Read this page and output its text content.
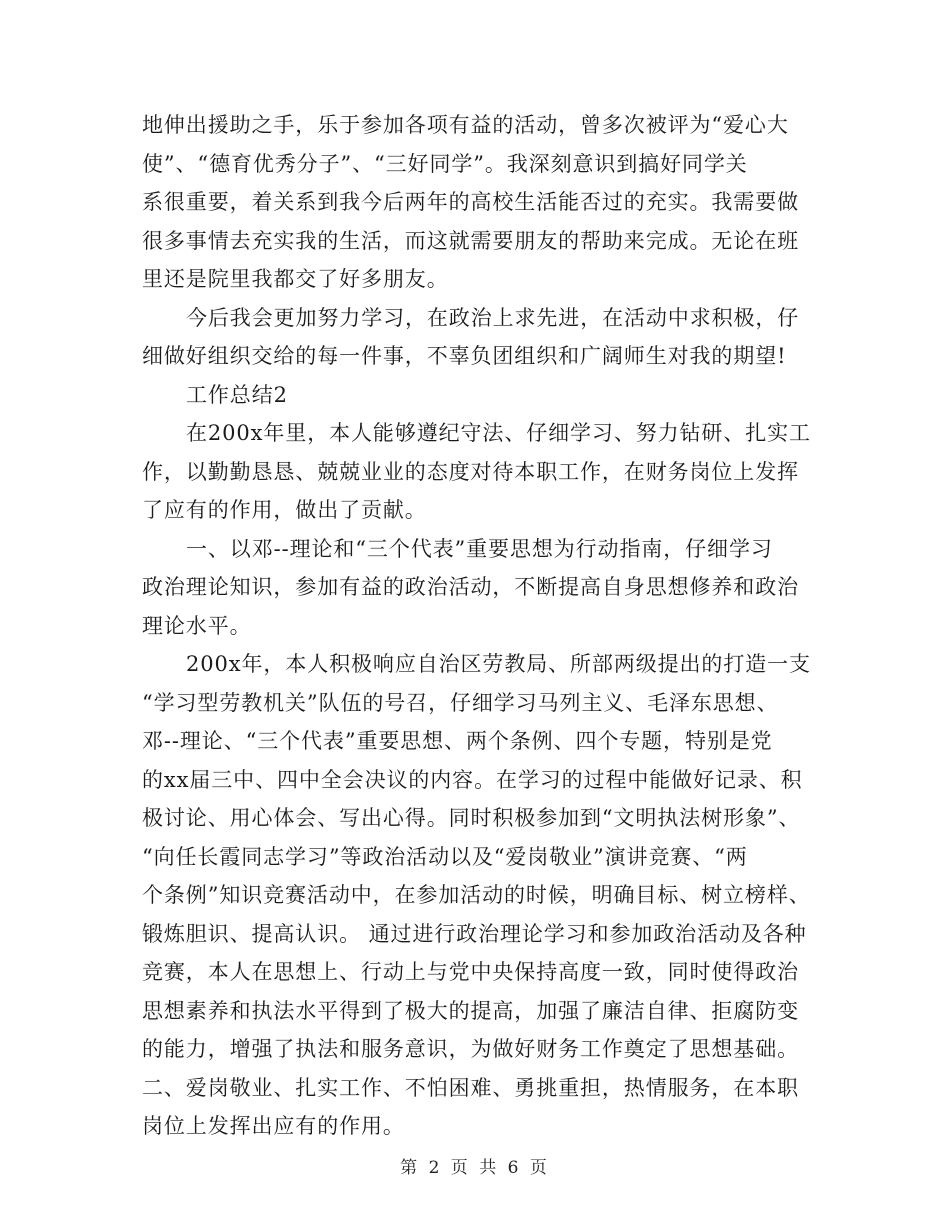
地伸出援助之手，乐于参加各项有益的活动，曾多次被评为“爱心大
使”、“德育优秀分子”、“三好同学”。我深刻意识到搞好同学关
系很重要，着关系到我今后两年的高校生活能否过的充实。我需要做
很多事情去充实我的生活，而这就需要朋友的帮助来完成。无论在班
里还是院里我都交了好多朋友。
今后我会更加努力学习，在政治上求先进，在活动中求积极，仔
细做好组织交给的每一件事，不辜负团组织和广阔师生对我的期望!
工作总结2
在200x年里，本人能够遵纪守法、仔细学习、努力钻研、扎实工
作，以勤勤恳恳、兢兢业业的态度对待本职工作，在财务岗位上发挥
了应有的作用，做出了贡献。
一、以邓--理论和“三个代表”重要思想为行动指南，仔细学习
政治理论知识，参加有益的政治活动，不断提高自身思想修养和政治
理论水平。
200x年，本人积极响应自治区劳教局、所部两级提出的打造一支
“学习型劳教机关”队伍的号召，仔细学习马列主义、毛泽东思想、
邓--理论、“三个代表”重要思想、两个条例、四个专题，特别是党
的xx届三中、四中全会决议的内容。在学习的过程中能做好记录、积
极讨论、用心体会、写出心得。同时积极参加到“文明执法树形象”、
“向任长霞同志学习”等政治活动以及“爱岗敬业”演讲竞赛、“两
个条例”知识竞赛活动中，在参加活动的时候，明确目标、树立榜样、
锻炼胆识、提高认识。 通过进行政治理论学习和参加政治活动及各种
竞赛，本人在思想上、行动上与党中央保持高度一致，同时使得政治
思想素养和执法水平得到了极大的提高，加强了廉洁自律、拒腐防变
的能力，增强了执法和服务意识，为做好财务工作奠定了思想基础。
二、爱岗敬业、扎实工作、不怕困难、勇挑重担，热情服务，在本职
岗位上发挥出应有的作用。
第 2 页 共 6 页
